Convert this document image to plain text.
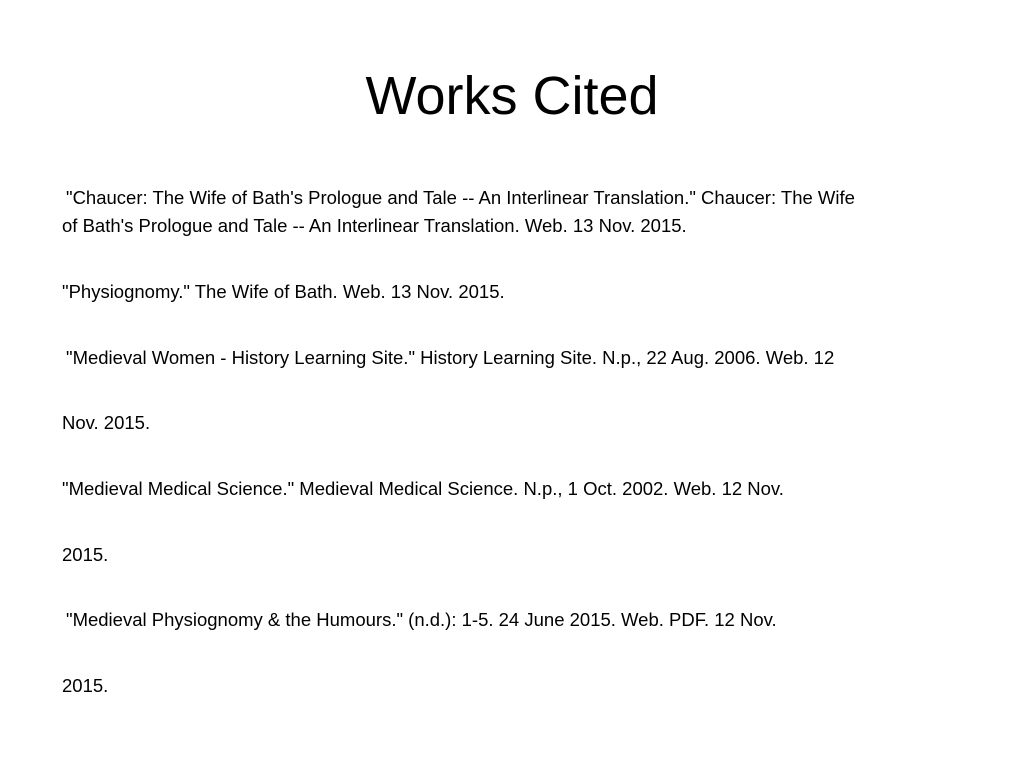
Works Cited
"Chaucer: The Wife of Bath's Prologue and Tale -- An Interlinear Translation." Chaucer: The Wife
of Bath's Prologue and Tale -- An Interlinear Translation. Web. 13 Nov. 2015.
"Physiognomy." The Wife of Bath. Web. 13 Nov. 2015.
"Medieval Women - History Learning Site." History Learning Site. N.p., 22 Aug. 2006. Web. 12
Nov. 2015.
"Medieval Medical Science." Medieval Medical Science. N.p., 1 Oct. 2002. Web. 12 Nov.
2015.
"Medieval Physiognomy & the Humours." (n.d.): 1-5. 24 June 2015. Web. PDF. 12 Nov.
2015.
